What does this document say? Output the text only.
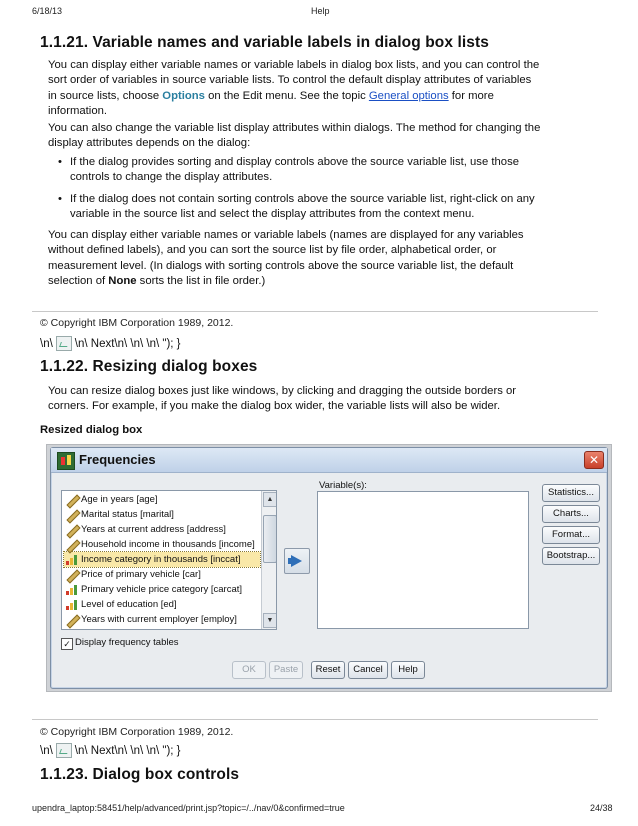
6/18/13	Help
1.1.21. Variable names and variable labels in dialog box lists
You can display either variable names or variable labels in dialog box lists, and you can control the
sort order of variables in source variable lists. To control the default display attributes of variables
in source lists, choose Options on the Edit menu. See the topic General options for more
information.
You can also change the variable list display attributes within dialogs. The method for changing the
display attributes depends on the dialog:
• If the dialog provides sorting and display controls above the source variable list, use those
controls to change the display attributes.
• If the dialog does not contain sorting controls above the source variable list, right-click on any
variable in the source list and select the display attributes from the context menu.
You can display either variable names or variable labels (names are displayed for any variables
without defined labels), and you can sort the source list by file order, alphabetical order, or
measurement level. (In dialogs with sorting controls above the source variable list, the default
selection of None sorts the list in file order.)
© Copyright IBM Corporation 1989, 2012.
\n\ \n\ Next\n\ \n\ \n\ "); }
1.1.22. Resizing dialog boxes
You can resize dialog boxes just like windows, by clicking and dragging the outside borders or
corners. For example, if you make the dialog box wider, the variable lists will also be wider.
Resized dialog box
Frequencies	✕
Years with current employer [employ]
Level of education [ed]
Primary vehicle price category [carcat]
Price of primary vehicle [car]
Income category in thousands [inccat]
Household income in thousands [income]
Years at current address [address]
Marital status [marital]
Age in years [age]	▲
▼
Variable(s):
Statistics...
Charts...
Format...
Bootstrap...
✓ Display frequency tables
OK	Paste	Reset	Cancel	Help
© Copyright IBM Corporation 1989, 2012.
\n\ \n\ Next\n\ \n\ \n\ "); }
1.1.23. Dialog box controls
upendra_laptop:58451/help/advanced/print.jsp?topic=/../nav/0&confirmed=true	24/38
